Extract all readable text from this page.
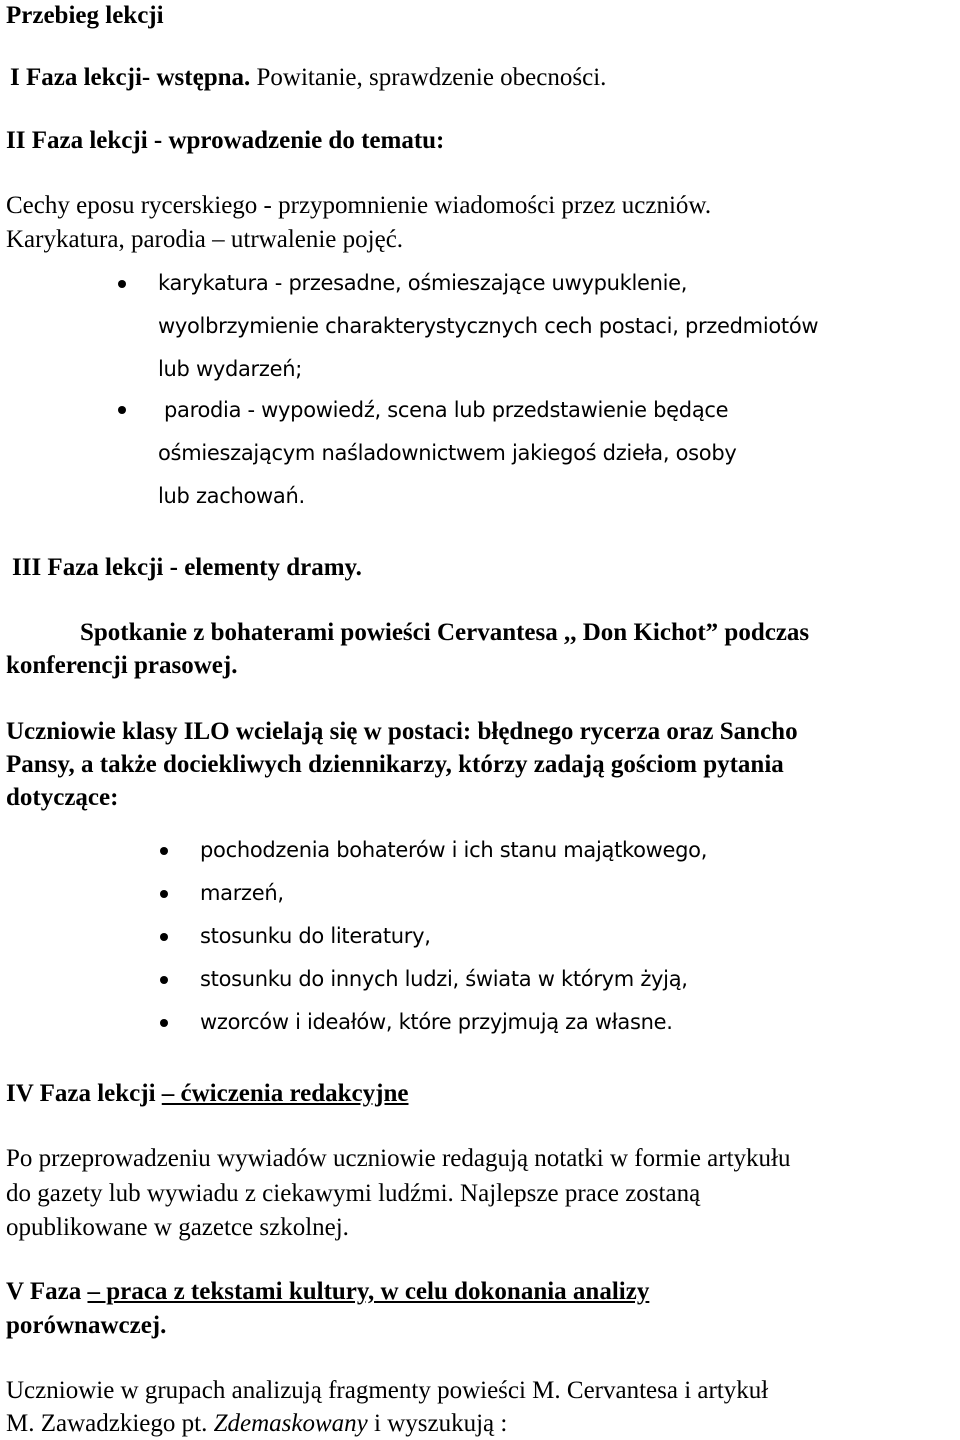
Przebieg lekcji

I Faza lekcji- wstępna. Powitanie, sprawdzenie obecności.

II Faza lekcji - wprowadzenie do tematu:

Cechy eposu rycerskiego - przypomnienie wiadomości przez uczniów.

Karykatura, parodia – utrwalenie pojęć.

karykatura - przesadne, ośmieszające uwypuklenie,

wyolbrzymienie charakterystycznych cech postaci, przedmiotów

lub wydarzeń;

parodia - wypowiedź, scena lub przedstawienie będące

ośmieszającym naśladownictwem jakiegoś dzieła, osoby

lub zachowań.

III Faza lekcji - elementy dramy.

Spotkanie z bohaterami powieści Cervantesa ,, Don Kichot” podczas

konferencji prasowej.

Uczniowie klasy ILO wcielają się w postaci: błędnego rycerza oraz Sancho

Pansy, a także dociekliwych dziennikarzy, którzy zadają gościom pytania

dotyczące:

pochodzenia bohaterów i ich stanu majątkowego,

marzeń,

stosunku do literatury,

stosunku do innych ludzi, świata w którym żyją,

wzorców i ideałów, które przyjmują za własne.

IV Faza lekcji – ćwiczenia redakcyjne

Po przeprowadzeniu wywiadów uczniowie redagują notatki w formie artykułu

do gazety lub wywiadu z ciekawymi ludźmi. Najlepsze prace zostaną

opublikowane w gazetce szkolnej.

V Faza – praca z tekstami kultury, w celu dokonania analizy

porównawczej.

Uczniowie w grupach analizują fragmenty powieści M. Cervantesa i artykuł

M. Zawadzkiego pt. Zdemaskowany i wyszukują :
